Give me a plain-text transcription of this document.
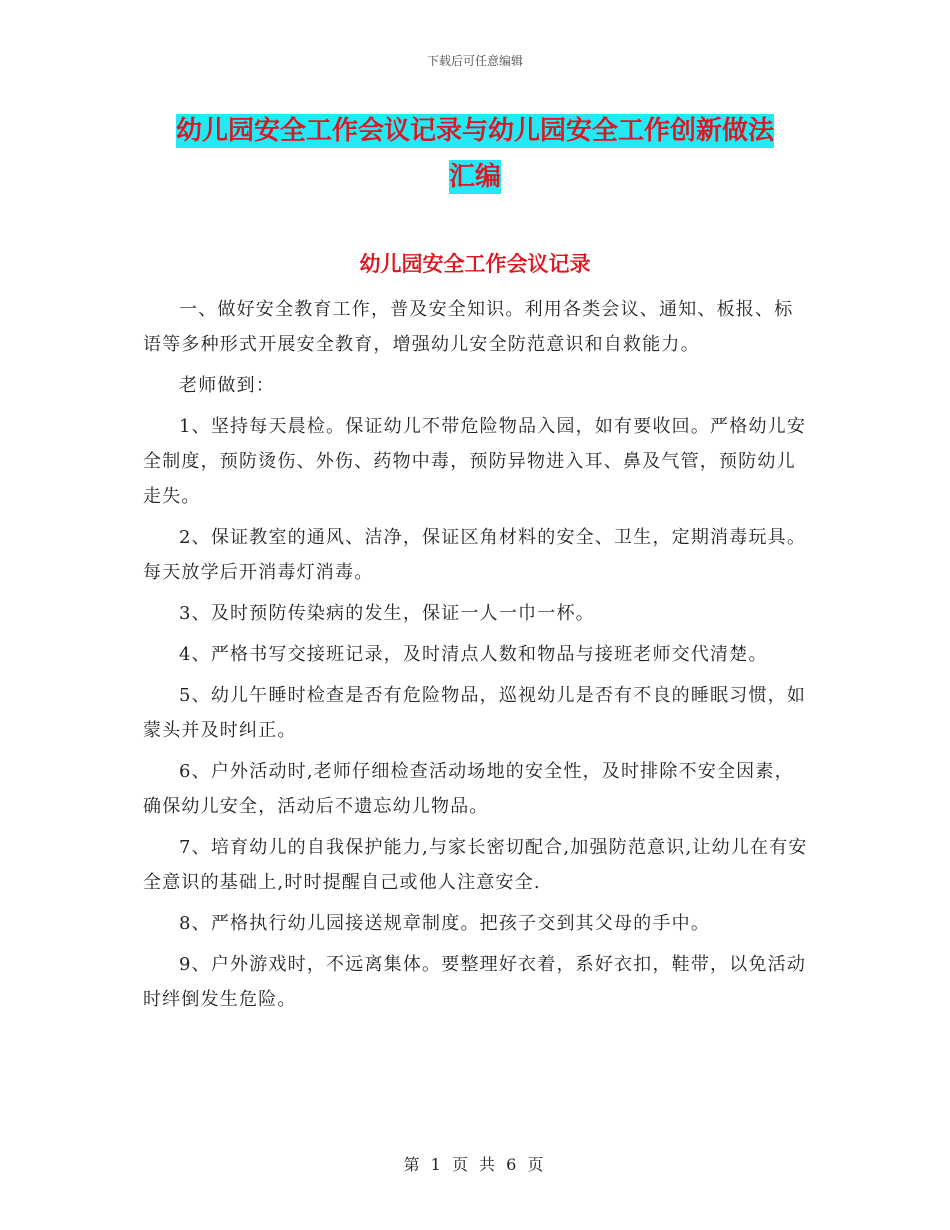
下载后可任意编辑
幼儿园安全工作会议记录与幼儿园安全工作创新做法
汇编
幼儿园安全工作会议记录

一、做好安全教育工作，普及安全知识。利用各类会议、通知、板报、标语等多种形式开展安全教育，增强幼儿安全防范意识和自救能力。

老师做到：

1、坚持每天晨检。保证幼儿不带危险物品入园，如有要收回。严格幼儿安全制度，预防烫伤、外伤、药物中毒，预防异物进入耳、鼻及气管，预防幼儿走失。

2、保证教室的通风、洁净，保证区角材料的安全、卫生，定期消毒玩具。每天放学后开消毒灯消毒。

3、及时预防传染病的发生，保证一人一巾一杯。

4、严格书写交接班记录，及时清点人数和物品与接班老师交代清楚。

5、幼儿午睡时检查是否有危险物品，巡视幼儿是否有不良的睡眠习惯，如蒙头并及时纠正。

6、户外活动时,老师仔细检查活动场地的安全性，及时排除不安全因素，确保幼儿安全，活动后不遗忘幼儿物品。

7、培育幼儿的自我保护能力,与家长密切配合,加强防范意识,让幼儿在有安全意识的基础上,时时提醒自己或他人注意安全.

8、严格执行幼儿园接送规章制度。把孩子交到其父母的手中。

9、户外游戏时，不远离集体。要整理好衣着，系好衣扣，鞋带，以免活动时绊倒发生危险。

第 1 页 共 6 页
